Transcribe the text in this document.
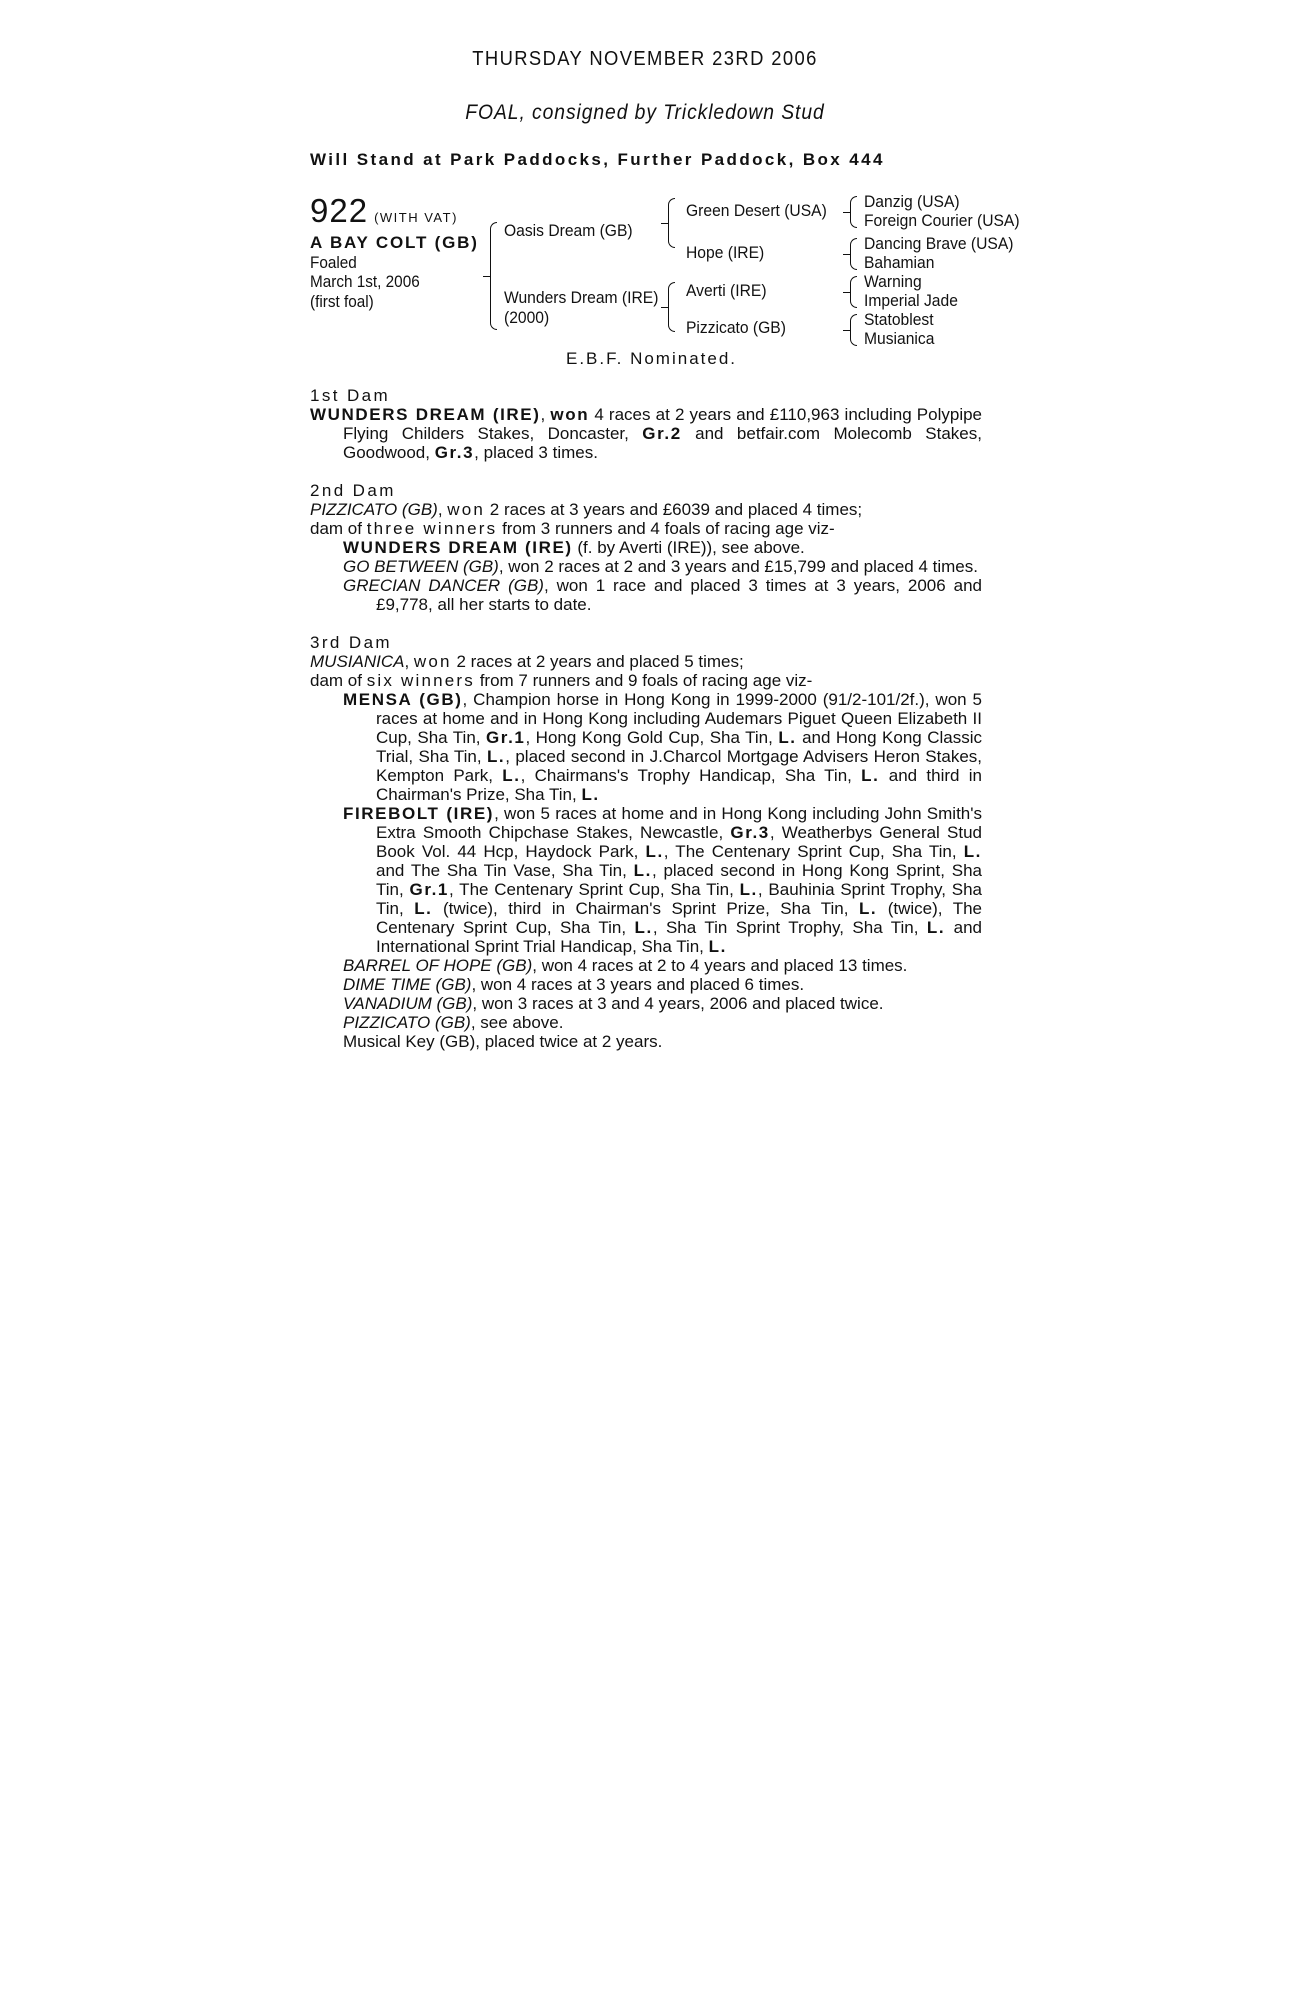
THURSDAY NOVEMBER 23RD 2006
FOAL, consigned by Trickledown Stud
Will Stand at Park Paddocks, Further Paddock, Box 444
922 (WITH VAT)
A BAY COLT (GB)
Foaled
March 1st, 2006
(first foal)
Oasis Dream (GB)
Wunders Dream (IRE)
(2000)
Green Desert (USA)
Hope (IRE)
Averti (IRE)
Pizzicato (GB)
Danzig (USA)
Foreign Courier (USA)
Dancing Brave (USA)
Bahamian
Warning
Imperial Jade
Statoblest
Musianica
E.B.F. Nominated.
1st Dam

WUNDERS DREAM (IRE), won 4 races at 2 years and £110,963 including Polypipe Flying Childers Stakes, Doncaster, Gr.2 and betfair.com Molecomb Stakes, Goodwood, Gr.3, placed 3 times.

2nd Dam

PIZZICATO (GB), won 2 races at 3 years and £6039 and placed 4 times;

dam of three winners from 3 runners and 4 foals of racing age viz-

WUNDERS DREAM (IRE) (f. by Averti (IRE)), see above.

GO BETWEEN (GB), won 2 races at 2 and 3 years and £15,799 and placed 4 times.

GRECIAN DANCER (GB), won 1 race and placed 3 times at 3 years, 2006 and £9,778, all her starts to date.

3rd Dam

MUSIANICA, won 2 races at 2 years and placed 5 times;

dam of six winners from 7 runners and 9 foals of racing age viz-

MENSA (GB), Champion horse in Hong Kong in 1999-2000 (91/2-101/2f.), won 5 races at home and in Hong Kong including Audemars Piguet Queen Elizabeth II Cup, Sha Tin, Gr.1, Hong Kong Gold Cup, Sha Tin, L. and Hong Kong Classic Trial, Sha Tin, L., placed second in J.Charcol Mortgage Advisers Heron Stakes, Kempton Park, L., Chairmans's Trophy Handicap, Sha Tin, L. and third in Chairman's Prize, Sha Tin, L.

FIREBOLT (IRE), won 5 races at home and in Hong Kong including John Smith's Extra Smooth Chipchase Stakes, Newcastle, Gr.3, Weatherbys General Stud Book Vol. 44 Hcp, Haydock Park, L., The Centenary Sprint Cup, Sha Tin, L. and The Sha Tin Vase, Sha Tin, L., placed second in Hong Kong Sprint, Sha Tin, Gr.1, The Centenary Sprint Cup, Sha Tin, L., Bauhinia Sprint Trophy, Sha Tin, L. (twice), third in Chairman's Sprint Prize, Sha Tin, L. (twice), The Centenary Sprint Cup, Sha Tin, L., Sha Tin Sprint Trophy, Sha Tin, L. and International Sprint Trial Handicap, Sha Tin, L.

BARREL OF HOPE (GB), won 4 races at 2 to 4 years and placed 13 times.

DIME TIME (GB), won 4 races at 3 years and placed 6 times.

VANADIUM (GB), won 3 races at 3 and 4 years, 2006 and placed twice.

PIZZICATO (GB), see above.

Musical Key (GB), placed twice at 2 years.
